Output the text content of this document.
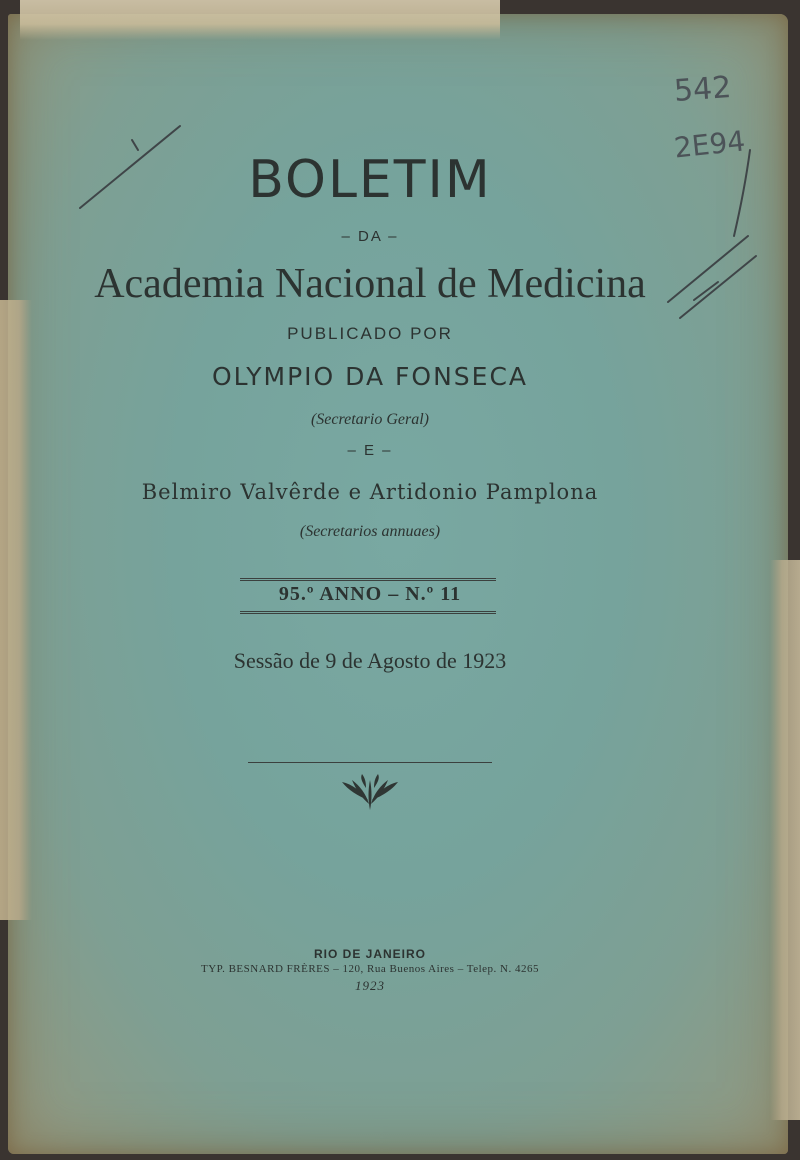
BOLETIM
– DA –
Academia Nacional de Medicina
PUBLICADO POR
OLYMPIO DA FONSECA
(Secretario Geral)
– E –
Belmiro Valvêrde e Artidonio Pamplona
(Secretarios annuaes)
95.º ANNO – N.º 11
Sessão de 9 de Agosto de 1923
RIO DE JANEIRO
TYP. BESNARD FRÈRES – 120, Rua Buenos Aires – Telep. N. 4265
1923
542
2E94
